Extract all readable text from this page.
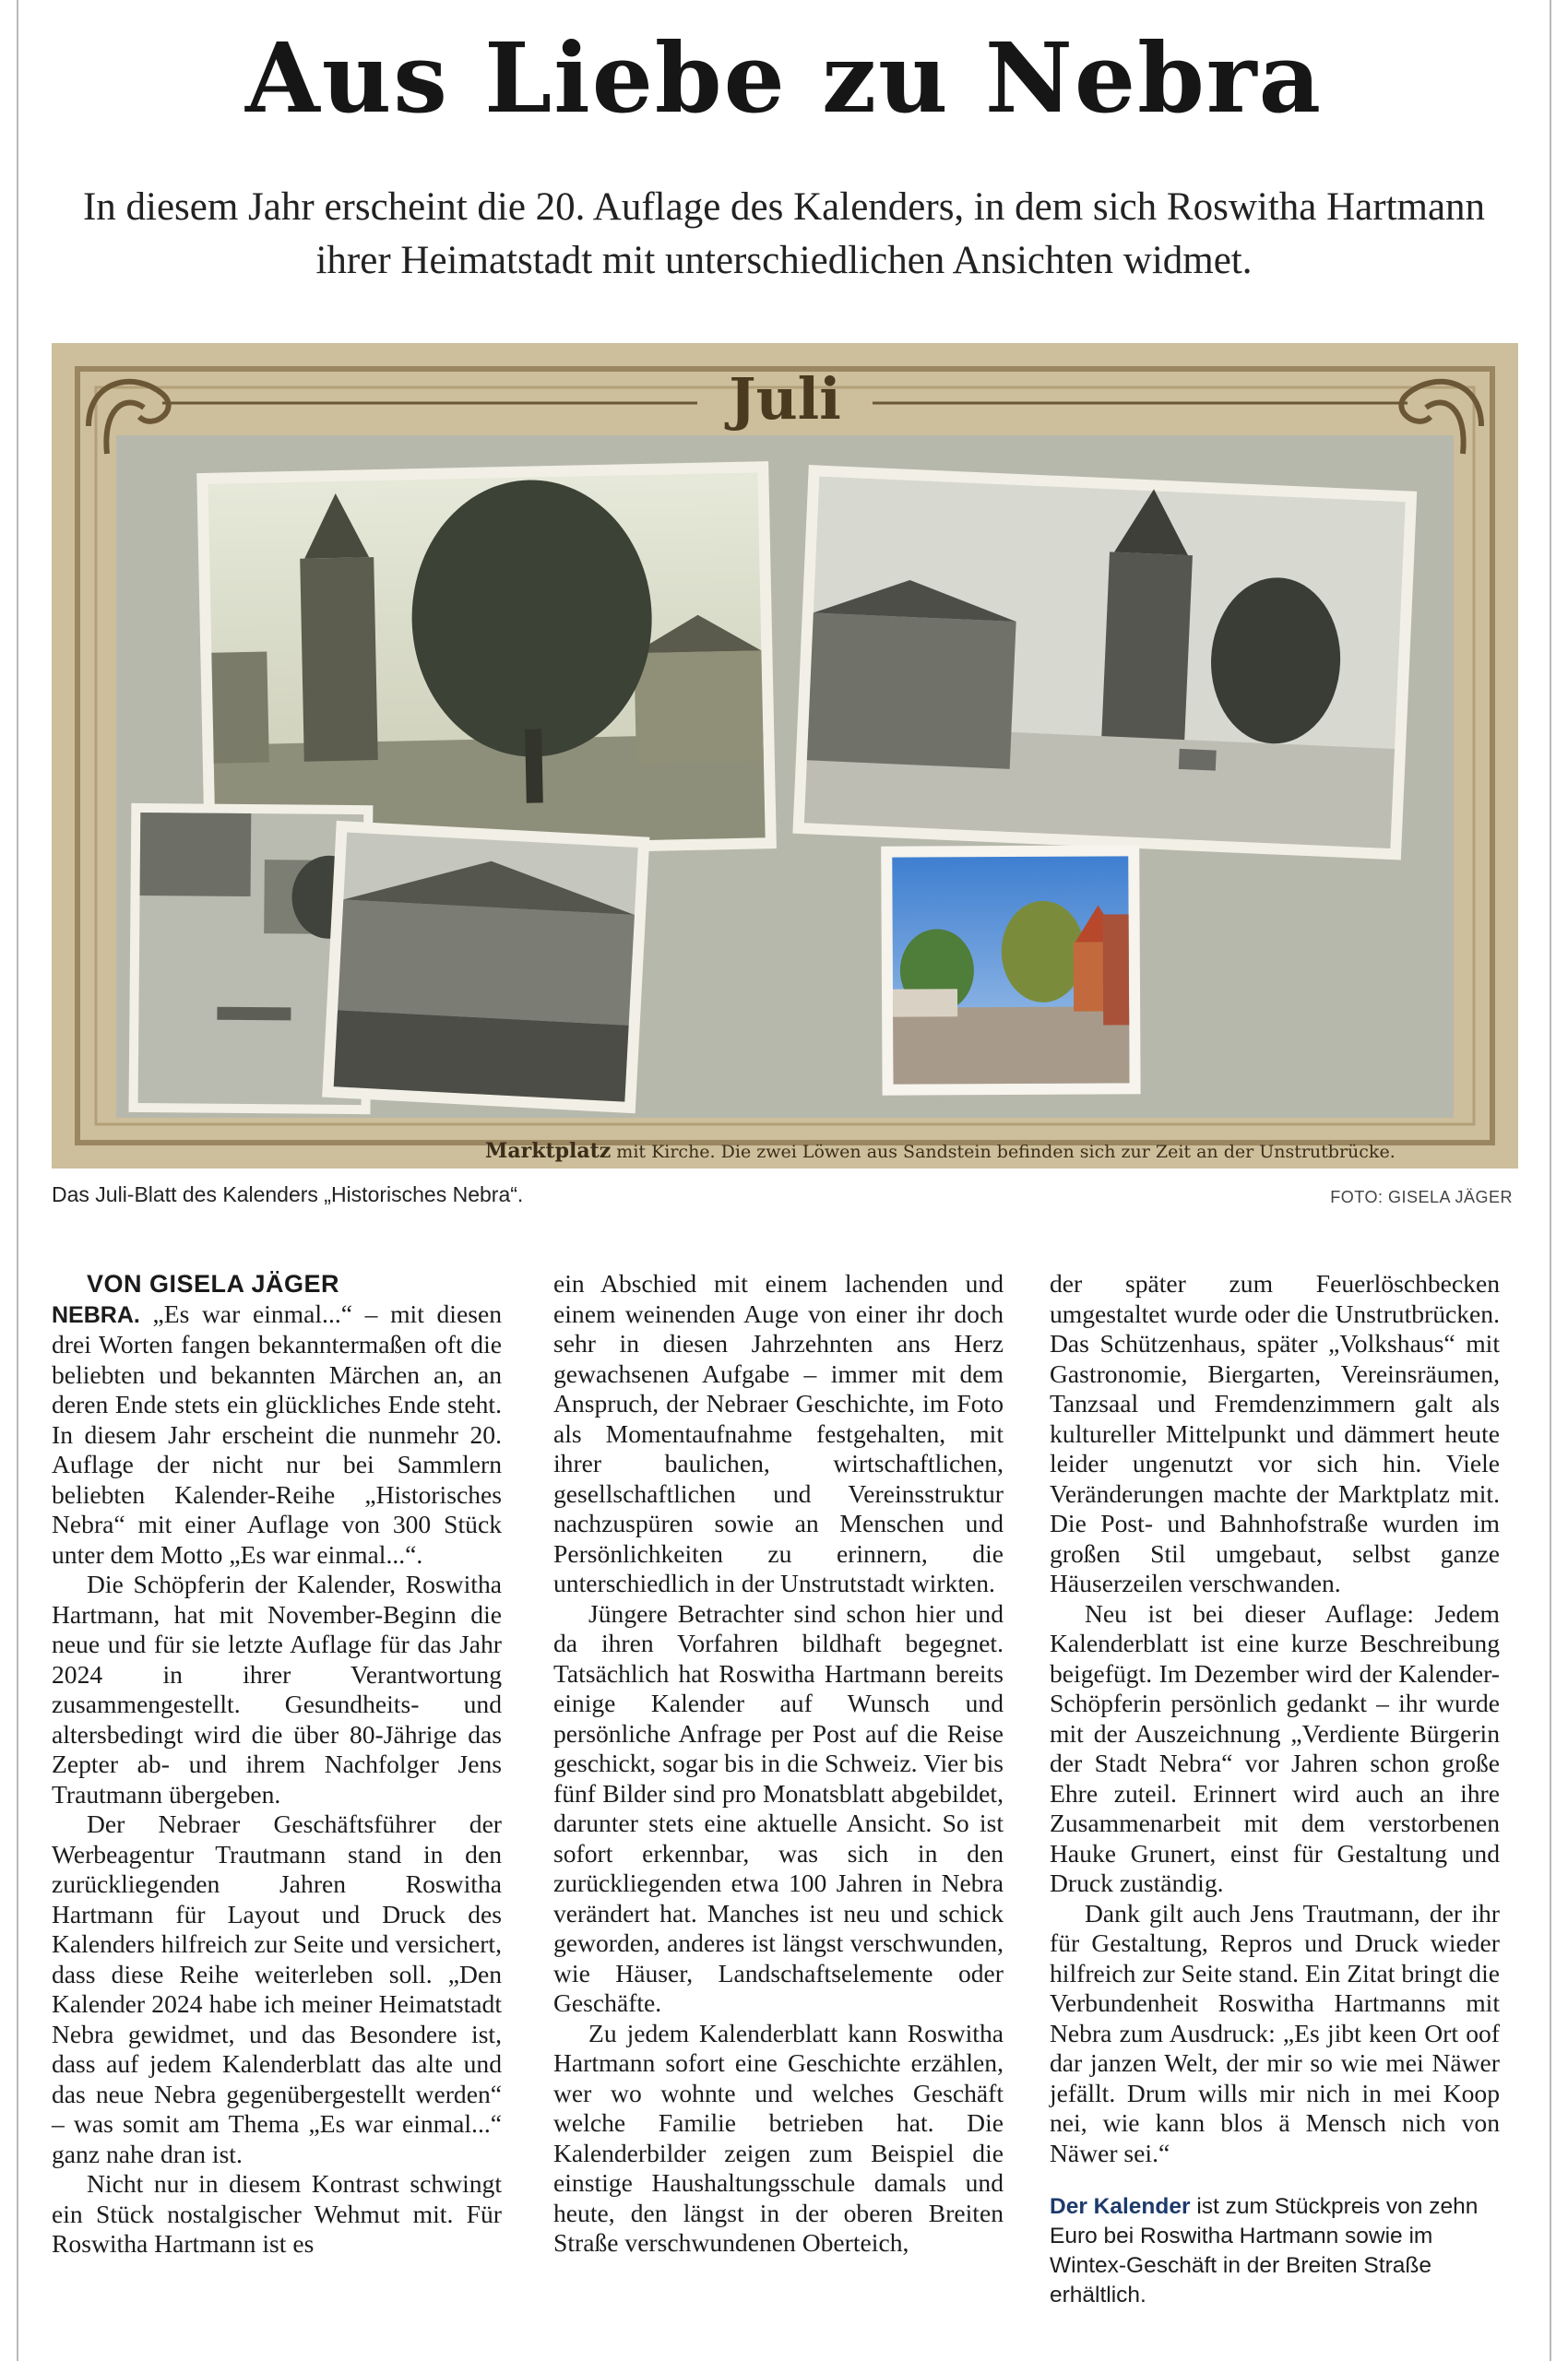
Aus Liebe zu Nebra

In diesem Jahr erscheint die 20. Auflage des Kalenders, in dem sich Roswitha Hartmann ihrer Heimatstadt mit unterschiedlichen Ansichten widmet.

Juli
Marktplatz mit Kirche. Die zwei Löwen aus Sandstein befinden sich zur Zeit an der Unstrutbrücke.
Das Juli-Blatt des Kalenders „Historisches Nebra“.	FOTO: GISELA JÄGER

VON GISELA JÄGER

NEBRA. „Es war einmal...“ – mit diesen drei Worten fangen bekanntermaßen oft die beliebten und bekannten Märchen an, an deren Ende stets ein glückliches Ende steht. In diesem Jahr erscheint die nunmehr 20. Auflage der nicht nur bei Sammlern beliebten Kalender-Reihe „Historisches Nebra“ mit einer Auflage von 300 Stück unter dem Motto „Es war einmal...“.

Die Schöpferin der Kalender, Roswitha Hartmann, hat mit November-Beginn die neue und für sie letzte Auflage für das Jahr 2024 in ihrer Verantwortung zusammengestellt. Gesundheits- und altersbedingt wird die über 80-Jährige das Zepter ab- und ihrem Nachfolger Jens Trautmann übergeben.

Der Nebraer Geschäftsführer der Werbeagentur Trautmann stand in den zurückliegenden Jahren Roswitha Hartmann für Layout und Druck des Kalenders hilfreich zur Seite und versichert, dass diese Reihe weiterleben soll. „Den Kalender 2024 habe ich meiner Heimatstadt Nebra gewidmet, und das Besondere ist, dass auf jedem Kalenderblatt das alte und das neue Nebra gegenübergestellt werden“ – was somit am Thema „Es war einmal...“ ganz nahe dran ist.

Nicht nur in diesem Kontrast schwingt ein Stück nostalgischer Wehmut mit. Für Roswitha Hartmann ist es

ein Abschied mit einem lachenden und einem weinenden Auge von einer ihr doch sehr in diesen Jahrzehnten ans Herz gewachsenen Aufgabe – immer mit dem Anspruch, der Nebraer Geschichte, im Foto als Momentaufnahme festgehalten, mit ihrer baulichen, wirtschaftlichen, gesellschaftlichen und Vereinsstruktur nachzuspüren sowie an Menschen und Persönlichkeiten zu erinnern, die unterschiedlich in der Unstrutstadt wirkten.

Jüngere Betrachter sind schon hier und da ihren Vorfahren bildhaft begegnet. Tatsächlich hat Roswitha Hartmann bereits einige Kalender auf Wunsch und persönliche Anfrage per Post auf die Reise geschickt, sogar bis in die Schweiz. Vier bis fünf Bilder sind pro Monatsblatt abgebildet, darunter stets eine aktuelle Ansicht. So ist sofort erkennbar, was sich in den zurückliegenden etwa 100 Jahren in Nebra verändert hat. Manches ist neu und schick geworden, anderes ist längst verschwunden, wie Häuser, Landschaftselemente oder Geschäfte.

Zu jedem Kalenderblatt kann Roswitha Hartmann sofort eine Geschichte erzählen, wer wo wohnte und welches Geschäft welche Familie betrieben hat. Die Kalenderbilder zeigen zum Beispiel die einstige Haushaltungsschule damals und heute, den längst in der oberen Breiten Straße verschwundenen Oberteich,

der später zum Feuerlöschbecken umgestaltet wurde oder die Unstrutbrücken. Das Schützenhaus, später „Volkshaus“ mit Gastronomie, Biergarten, Vereinsräumen, Tanzsaal und Fremdenzimmern galt als kultureller Mittelpunkt und dämmert heute leider ungenutzt vor sich hin. Viele Veränderungen machte der Marktplatz mit. Die Post- und Bahnhofstraße wurden im großen Stil umgebaut, selbst ganze Häuserzeilen verschwanden.

Neu ist bei dieser Auflage: Jedem Kalenderblatt ist eine kurze Beschreibung beigefügt. Im Dezember wird der Kalender-Schöpferin persönlich gedankt – ihr wurde mit der Auszeichnung „Verdiente Bürgerin der Stadt Nebra“ vor Jahren schon große Ehre zuteil. Erinnert wird auch an ihre Zusammenarbeit mit dem verstorbenen Hauke Grunert, einst für Gestaltung und Druck zuständig.

Dank gilt auch Jens Trautmann, der ihr für Gestaltung, Repros und Druck wieder hilfreich zur Seite stand. Ein Zitat bringt die Verbundenheit Roswitha Hartmanns mit Nebra zum Ausdruck: „Es jibt keen Ort oof dar janzen Welt, der mir so wie mei Näwer jefällt. Drum wills mir nich in mei Koop nei, wie kann blos ä Mensch nich von Näwer sei.“

Der Kalender ist zum Stückpreis von zehn Euro bei Roswitha Hartmann sowie im Wintex-Geschäft in der Breiten Straße erhältlich.
